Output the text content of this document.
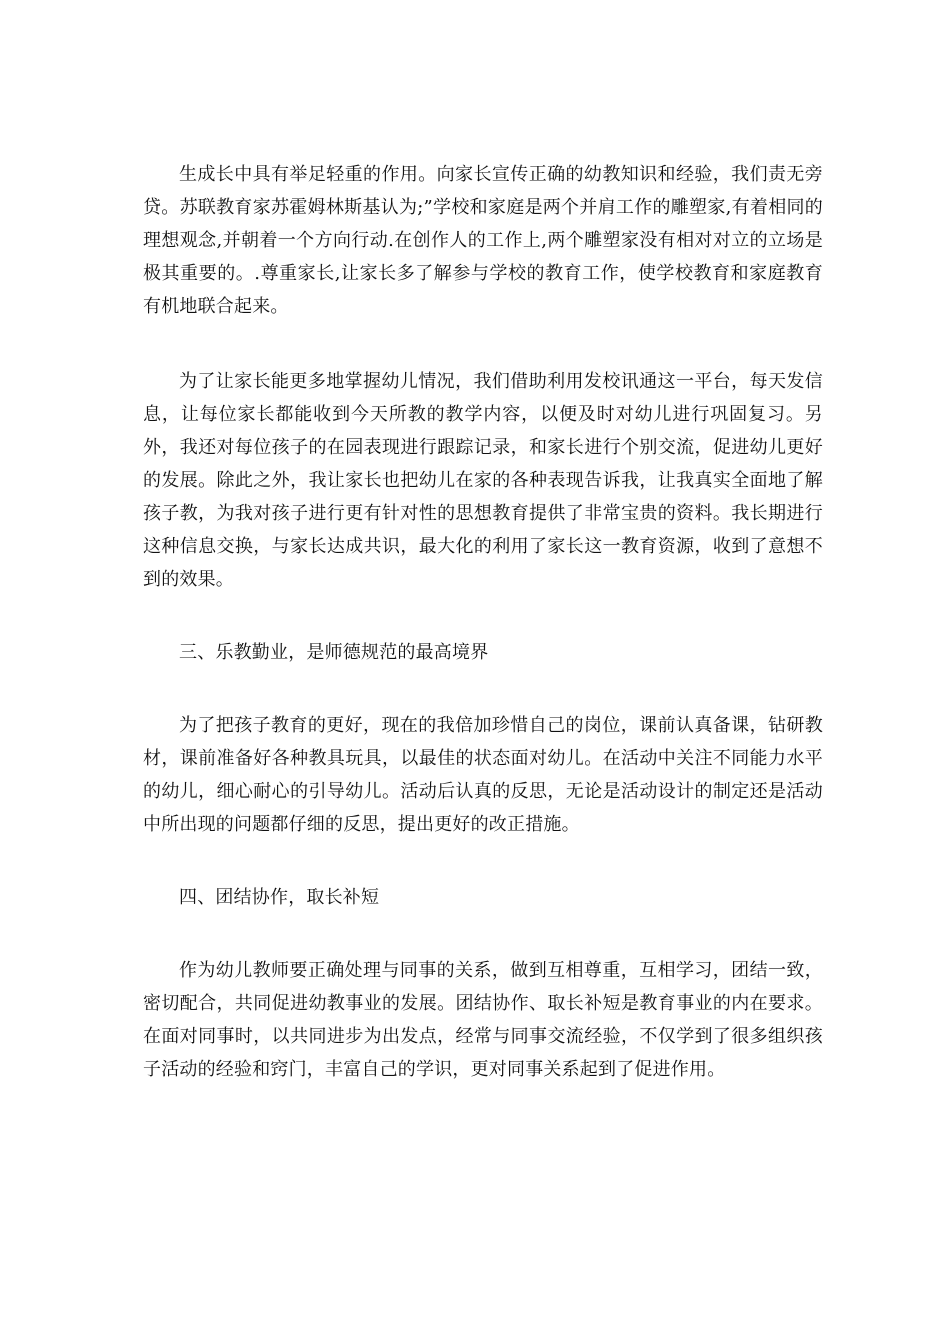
生成长中具有举足轻重的作用。向家长宣传正确的幼教知识和经验，我们责无旁贷。苏联教育家苏霍姆林斯基认为;”学校和家庭是两个并肩工作的雕塑家,有着相同的理想观念,并朝着一个方向行动.在创作人的工作上,两个雕塑家没有相对对立的立场是极其重要的。.尊重家长,让家长多了解参与学校的教育工作，使学校教育和家庭教育有机地联合起来。

为了让家长能更多地掌握幼儿情况，我们借助利用发校讯通这一平台，每天发信息，让每位家长都能收到今天所教的教学内容，以便及时对幼儿进行巩固复习。另外，我还对每位孩子的在园表现进行跟踪记录，和家长进行个别交流，促进幼儿更好的发展。除此之外，我让家长也把幼儿在家的各种表现告诉我，让我真实全面地了解孩子教，为我对孩子进行更有针对性的思想教育提供了非常宝贵的资料。我长期进行这种信息交换，与家长达成共识，最大化的利用了家长这一教育资源，收到了意想不到的效果。

三、乐教勤业，是师德规范的最高境界

为了把孩子教育的更好，现在的我倍加珍惜自己的岗位，课前认真备课，钻研教材，课前准备好各种教具玩具，以最佳的状态面对幼儿。在活动中关注不同能力水平的幼儿，细心耐心的引导幼儿。活动后认真的反思，无论是活动设计的制定还是活动中所出现的问题都仔细的反思，提出更好的改正措施。

四、团结协作，取长补短

作为幼儿教师要正确处理与同事的关系，做到互相尊重，互相学习，团结一致，密切配合，共同促进幼教事业的发展。团结协作、取长补短是教育事业的内在要求。在面对同事时，以共同进步为出发点，经常与同事交流经验，不仅学到了很多组织孩子活动的经验和窍门，丰富自己的学识，更对同事关系起到了促进作用。
